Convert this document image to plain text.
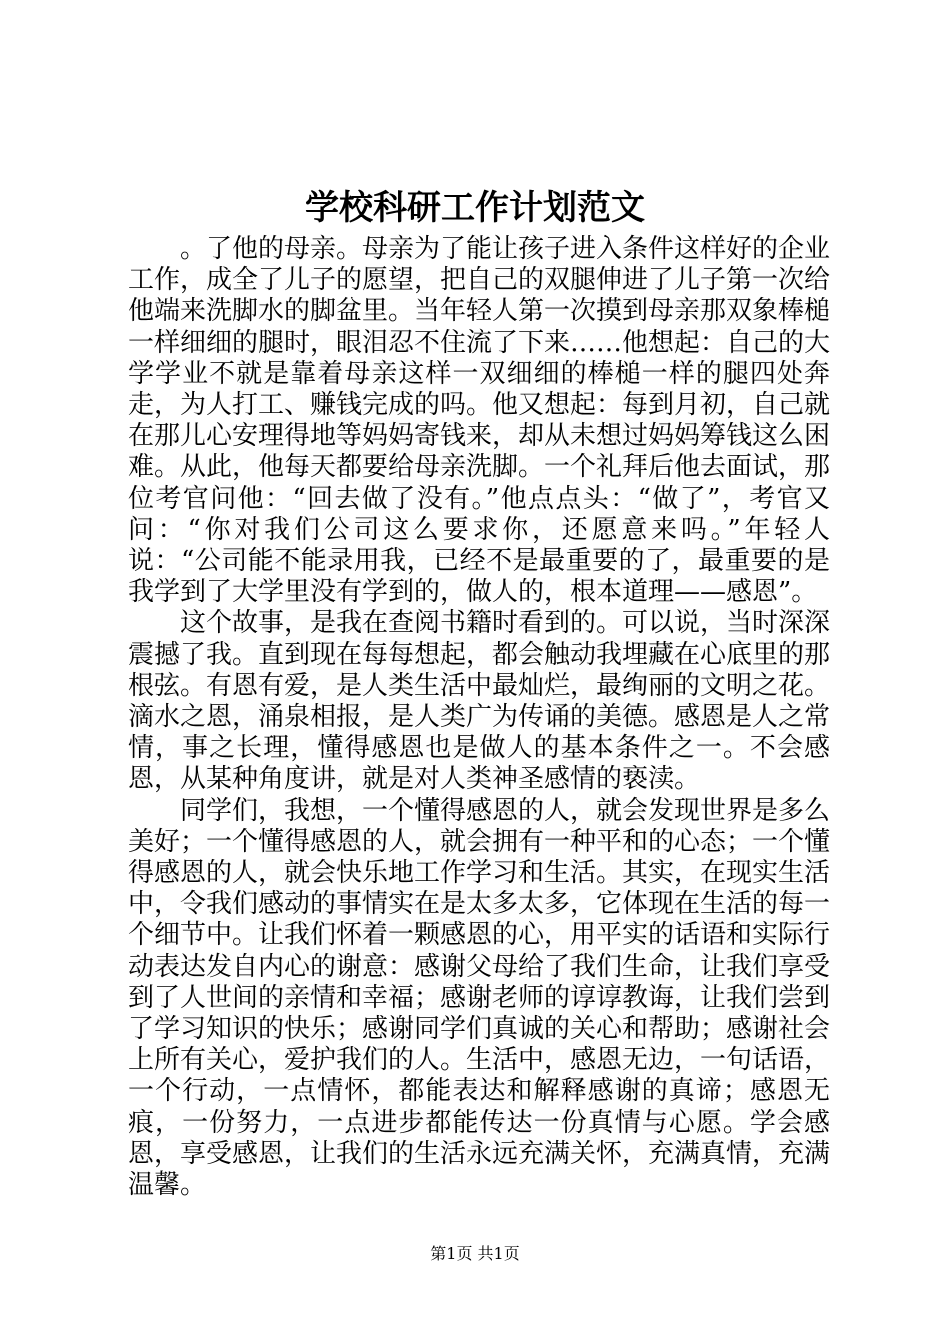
学校科研工作计划范文

。了他的母亲。母亲为了能让孩子进入条件这样好的企业工作，成全了儿子的愿望，把自己的双腿伸进了儿子第一次给他端来洗脚水的脚盆里。当年轻人第一次摸到母亲那双象棒槌一样细细的腿时，眼泪忍不住流了下来……他想起：自己的大学学业不就是靠着母亲这样一双细细的棒槌一样的腿四处奔走，为人打工、赚钱完成的吗。他又想起：每到月初，自己就在那儿心安理得地等妈妈寄钱来，却从未想过妈妈筹钱这么困难。从此，他每天都要给母亲洗脚。一个礼拜后他去面试，那位考官问他：“回去做了没有。”他点点头：“做了”，考官又问：“你对我们公司这么要求你，还愿意来吗。”年轻人说：“公司能不能录用我，已经不是最重要的了，最重要的是我学到了大学里没有学到的，做人的，根本道理——感恩”。

这个故事，是我在查阅书籍时看到的。可以说，当时深深震撼了我。直到现在每每想起，都会触动我埋藏在心底里的那根弦。有恩有爱，是人类生活中最灿烂，最绚丽的文明之花。滴水之恩，涌泉相报，是人类广为传诵的美德。感恩是人之常情，事之长理，懂得感恩也是做人的基本条件之一。不会感恩，从某种角度讲，就是对人类神圣感情的亵渎。

同学们，我想，一个懂得感恩的人，就会发现世界是多么美好；一个懂得感恩的人，就会拥有一种平和的心态；一个懂得感恩的人，就会快乐地工作学习和生活。其实，在现实生活中，令我们感动的事情实在是太多太多，它体现在生活的每一个细节中。让我们怀着一颗感恩的心，用平实的话语和实际行动表达发自内心的谢意：感谢父母给了我们生命，让我们享受到了人世间的亲情和幸福；感谢老师的谆谆教诲，让我们尝到了学习知识的快乐；感谢同学们真诚的关心和帮助；感谢社会上所有关心，爱护我们的人。生活中，感恩无边，一句话语，一个行动，一点情怀，都能表达和解释感谢的真谛；感恩无痕，一份努力，一点进步都能传达一份真情与心愿。学会感恩，享受感恩，让我们的生活永远充满关怀，充满真情，充满温馨。

第1页 共1页
